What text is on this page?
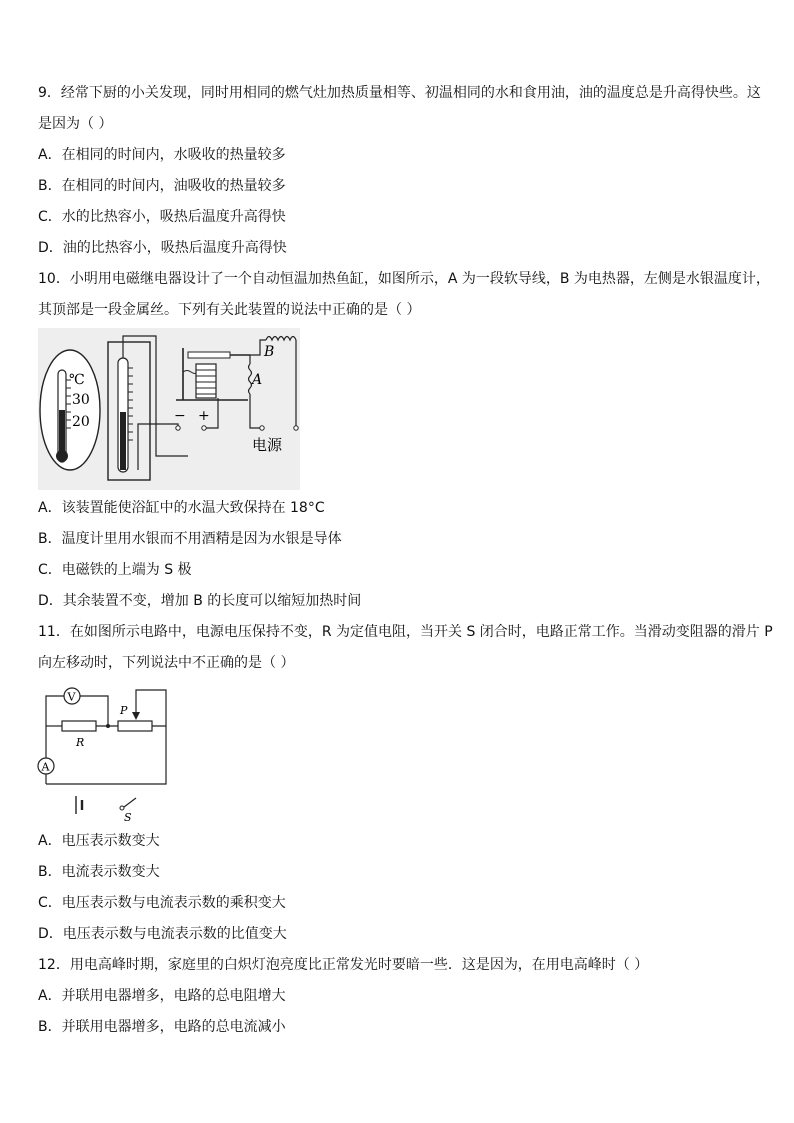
9．经常下厨的小关发现，同时用相同的燃气灶加热质量相等、初温相同的水和食用油，油的温度总是升高得快些。这
是因为（ ）
A．在相同的时间内，水吸收的热量较多
B．在相同的时间内，油吸收的热量较多
C．水的比热容小，吸热后温度升高得快
D．油的比热容小，吸热后温度升高得快
10．小明用电磁继电器设计了一个自动恒温加热鱼缸，如图所示，A 为一段软导线，B 为电热器，左侧是水银温度计，
其顶部是一段金属丝。下列有关此装置的说法中正确的是（ ）
℃
30
20	− +
B
A
电源
A．该装置能使浴缸中的水温大致保持在 18°C
B．温度计里用水银而不用酒精是因为水银是导体
C．电磁铁的上端为 S 极
D．其余装置不变，增加 B 的长度可以缩短加热时间
11．在如图所示电路中，电源电压保持不变，R 为定值电阻，当开关 S 闭合时，电路正常工作。当滑动变阻器的滑片 P
向左移动时，下列说法中不正确的是（ ）
V
R
P
A
S
A．电压表示数变大
B．电流表示数变大
C．电压表示数与电流表示数的乘积变大
D．电压表示数与电流表示数的比值变大
12．用电高峰时期，家庭里的白炽灯泡亮度比正常发光时要暗一些．这是因为，在用电高峰时（ ）
A．并联用电器增多，电路的总电阻增大
B．并联用电器增多，电路的总电流减小
